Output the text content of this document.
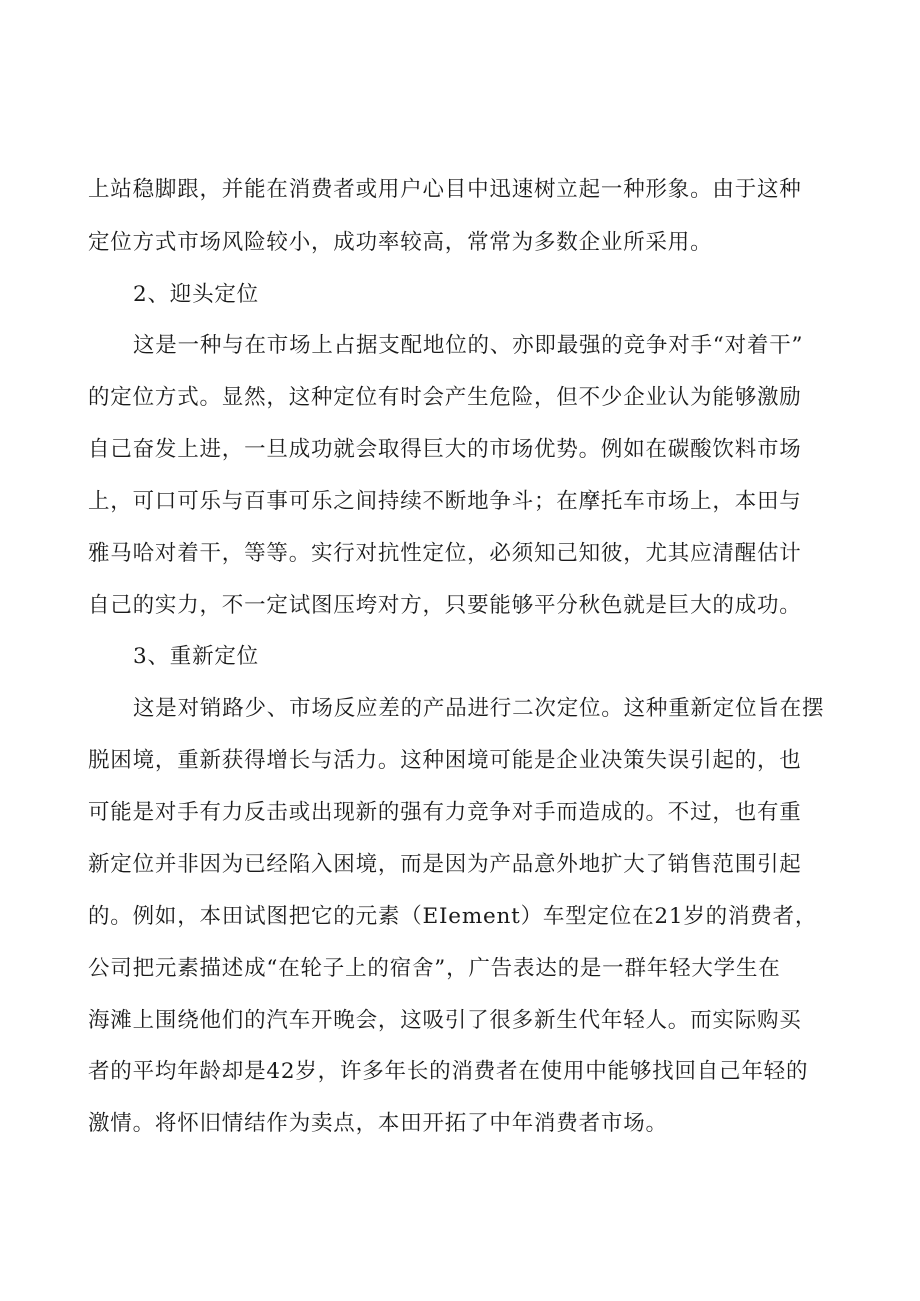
上站稳脚跟，并能在消费者或用户心目中迅速树立起一种形象。由于这种
定位方式市场风险较小，成功率较高，常常为多数企业所采用。
2、迎头定位
这是一种与在市场上占据支配地位的、亦即最强的竞争对手“对着干”
的定位方式。显然，这种定位有时会产生危险，但不少企业认为能够激励
自己奋发上进，一旦成功就会取得巨大的市场优势。例如在碳酸饮料市场
上，可口可乐与百事可乐之间持续不断地争斗；在摩托车市场上，本田与
雅马哈对着干，等等。实行对抗性定位，必须知己知彼，尤其应清醒估计
自己的实力，不一定试图压垮对方，只要能够平分秋色就是巨大的成功。
3、重新定位
这是对销路少、市场反应差的产品进行二次定位。这种重新定位旨在摆
脱困境，重新获得增长与活力。这种困境可能是企业决策失误引起的，也
可能是对手有力反击或出现新的强有力竞争对手而造成的。不过，也有重
新定位并非因为已经陷入困境，而是因为产品意外地扩大了销售范围引起
的。例如，本田试图把它的元素（EIement）车型定位在21岁的消费者，
公司把元素描述成“在轮子上的宿舍”，广告表达的是一群年轻大学生在
海滩上围绕他们的汽车开晚会，这吸引了很多新生代年轻人。而实际购买
者的平均年龄却是42岁，许多年长的消费者在使用中能够找回自己年轻的
激情。将怀旧情结作为卖点，本田开拓了中年消费者市场。
